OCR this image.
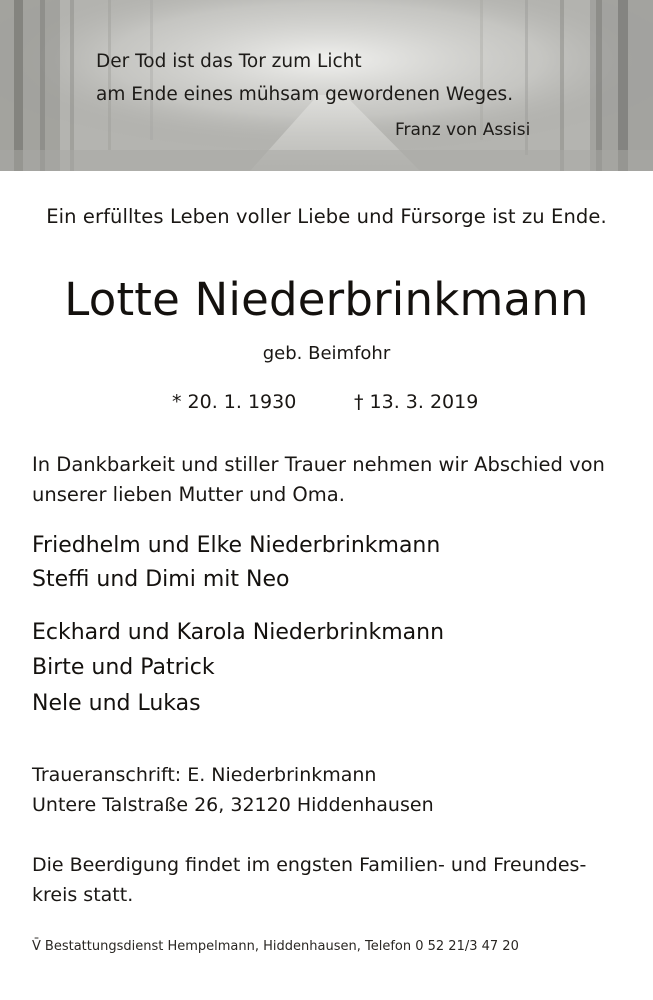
Der Tod ist das Tor zum Licht
am Ende eines mühsam gewordenen Weges.
Franz von Assisi
Ein erfülltes Leben voller Liebe und Fürsorge ist zu Ende.
Lotte Niederbrinkmann
geb. Beimfohr
* 20. 1. 1930	† 13. 3. 2019
In Dankbarkeit und stiller Trauer nehmen wir Abschied von
unserer lieben Mutter und Oma.
Friedhelm und Elke Niederbrinkmann
Steffi und Dimi mit Neo
Eckhard und Karola Niederbrinkmann
Birte und Patrick
Nele und Lukas
Traueranschrift: E. Niederbrinkmann
Untere Talstraße 26, 32120 Hiddenhausen
Die Beerdigung findet im engsten Familien- und Freundes-
kreis statt.
V̄ Bestattungsdienst Hempelmann, Hiddenhausen, Telefon 0 52 21/3 47 20
